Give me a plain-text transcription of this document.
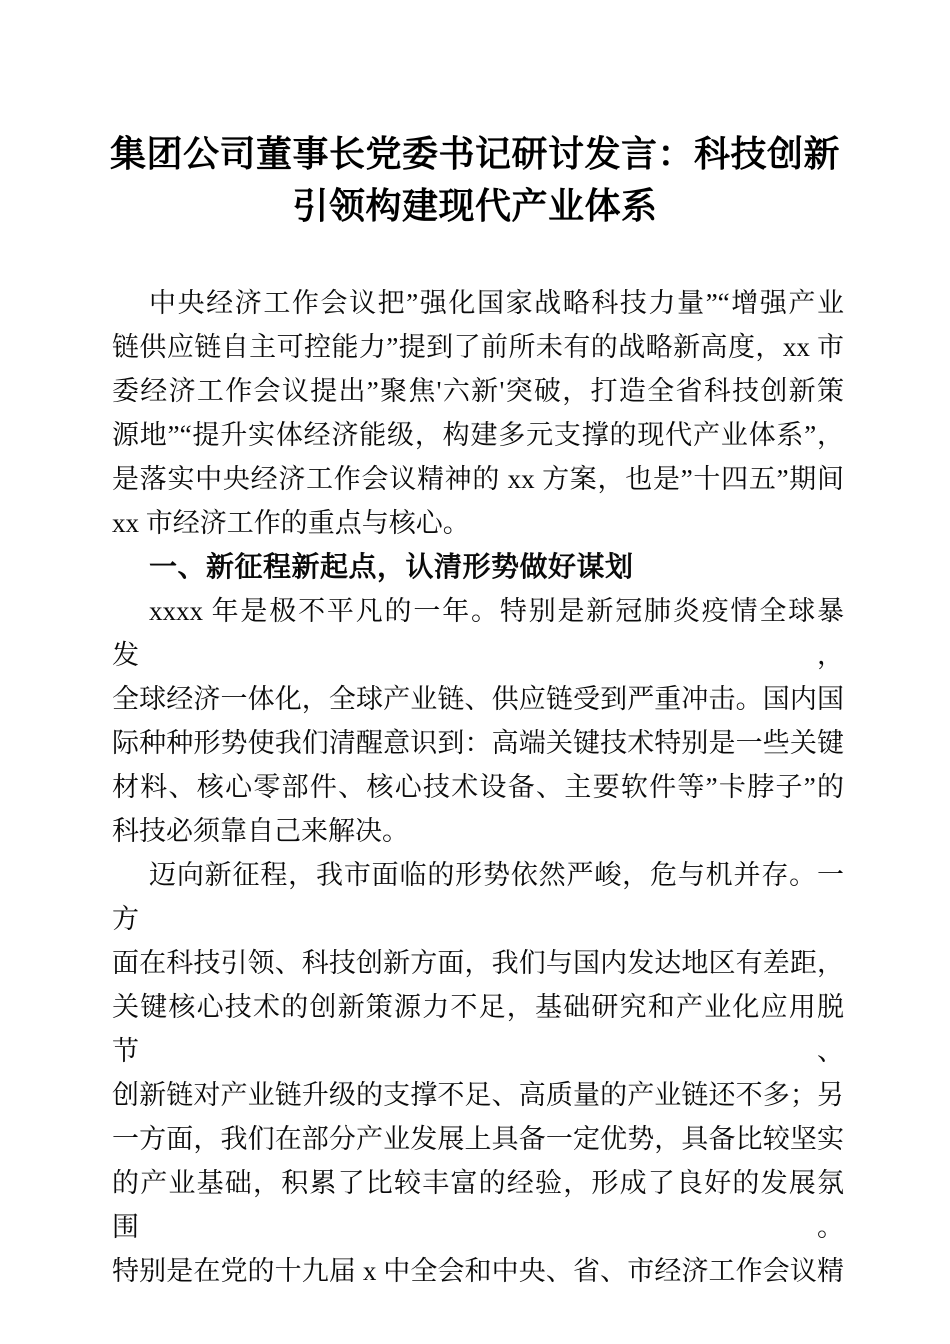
集团公司董事长党委书记研讨发言：科技创新
引领构建现代产业体系
中央经济工作会议把”强化国家战略科技力量”“增强产业
链供应链自主可控能力”提到了前所未有的战略新高度，xx 市
委经济工作会议提出”聚焦'六新'突破，打造全省科技创新策
源地”“提升实体经济能级，构建多元支撑的现代产业体系”，
是落实中央经济工作会议精神的 xx 方案，也是”十四五”期间
xx 市经济工作的重点与核心。
一、新征程新起点，认清形势做好谋划
xxxx 年是极不平凡的一年。特别是新冠肺炎疫情全球暴发，
全球经济一体化，全球产业链、供应链受到严重冲击。国内国
际种种形势使我们清醒意识到：高端关键技术特别是一些关键
材料、核心零部件、核心技术设备、主要软件等”卡脖子”的
科技必须靠自己来解决。
迈向新征程，我市面临的形势依然严峻，危与机并存。一方
面在科技引领、科技创新方面，我们与国内发达地区有差距，
关键核心技术的创新策源力不足，基础研究和产业化应用脱节、
创新链对产业链升级的支撑不足、高质量的产业链还不多；另
一方面，我们在部分产业发展上具备一定优势，具备比较坚实
的产业基础，积累了比较丰富的经验，形成了良好的发展氛围。
特别是在党的十九届 x 中全会和中央、省、市经济工作会议精
